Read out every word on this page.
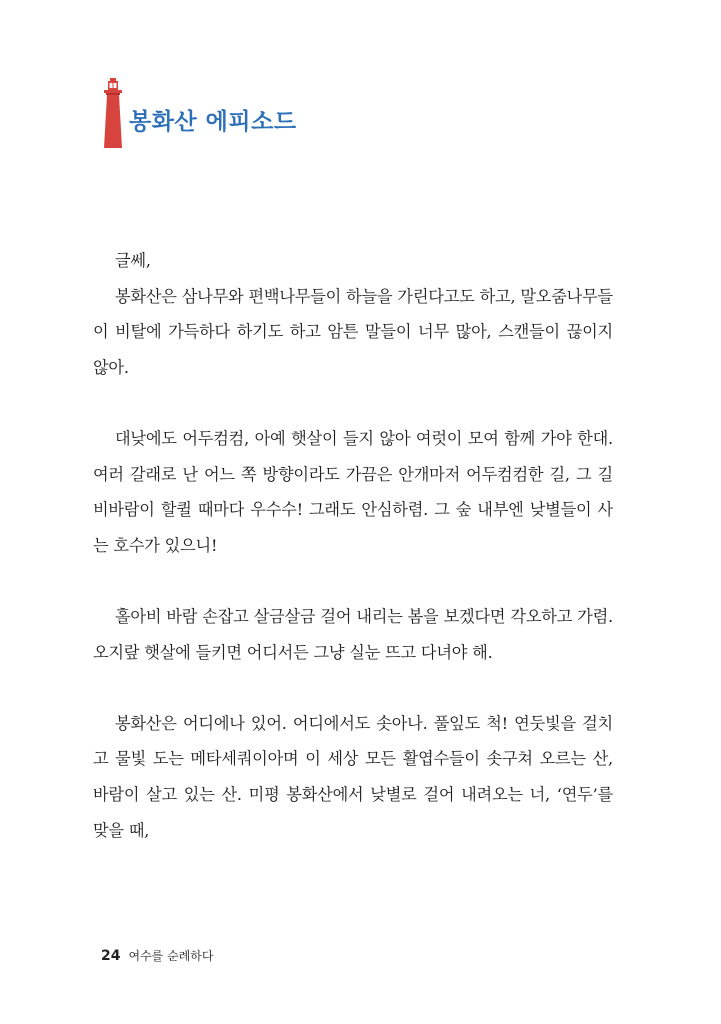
봉화산 에피소드

글쎄,

봉화산은 삼나무와 편백나무들이 하늘을 가린다고도 하고, 말오줌나무들이 비탈에 가득하다 하기도 하고 암튼 말들이 너무 많아, 스캔들이 끊이지 않아.

대낮에도 어두컴컴, 아예 햇살이 들지 않아 여럿이 모여 함께 가야 한대. 여러 갈래로 난 어느 쪽 방향이라도 가끔은 안개마저 어두컴컴한 길, 그 길 비바람이 할퀼 때마다 우수수! 그래도 안심하렴. 그 숲 내부엔 낮별들이 사는 호수가 있으니!

홀아비 바람 손잡고 살금살금 걸어 내리는 봄을 보겠다면 각오하고 가렴. 오지랖 햇살에 들키면 어디서든 그냥 실눈 뜨고 다녀야 해.

봉화산은 어디에나 있어. 어디에서도 솟아나. 풀잎도 척! 연둣빛을 걸치고 물빛 도는 메타세쿼이아며 이 세상 모든 활엽수들이 솟구쳐 오르는 산, 바람이 살고 있는 산. 미평 봉화산에서 낮별로 걸어 내려오는 너, ‘연두’를 맞을 때,

24 여수를 순례하다
